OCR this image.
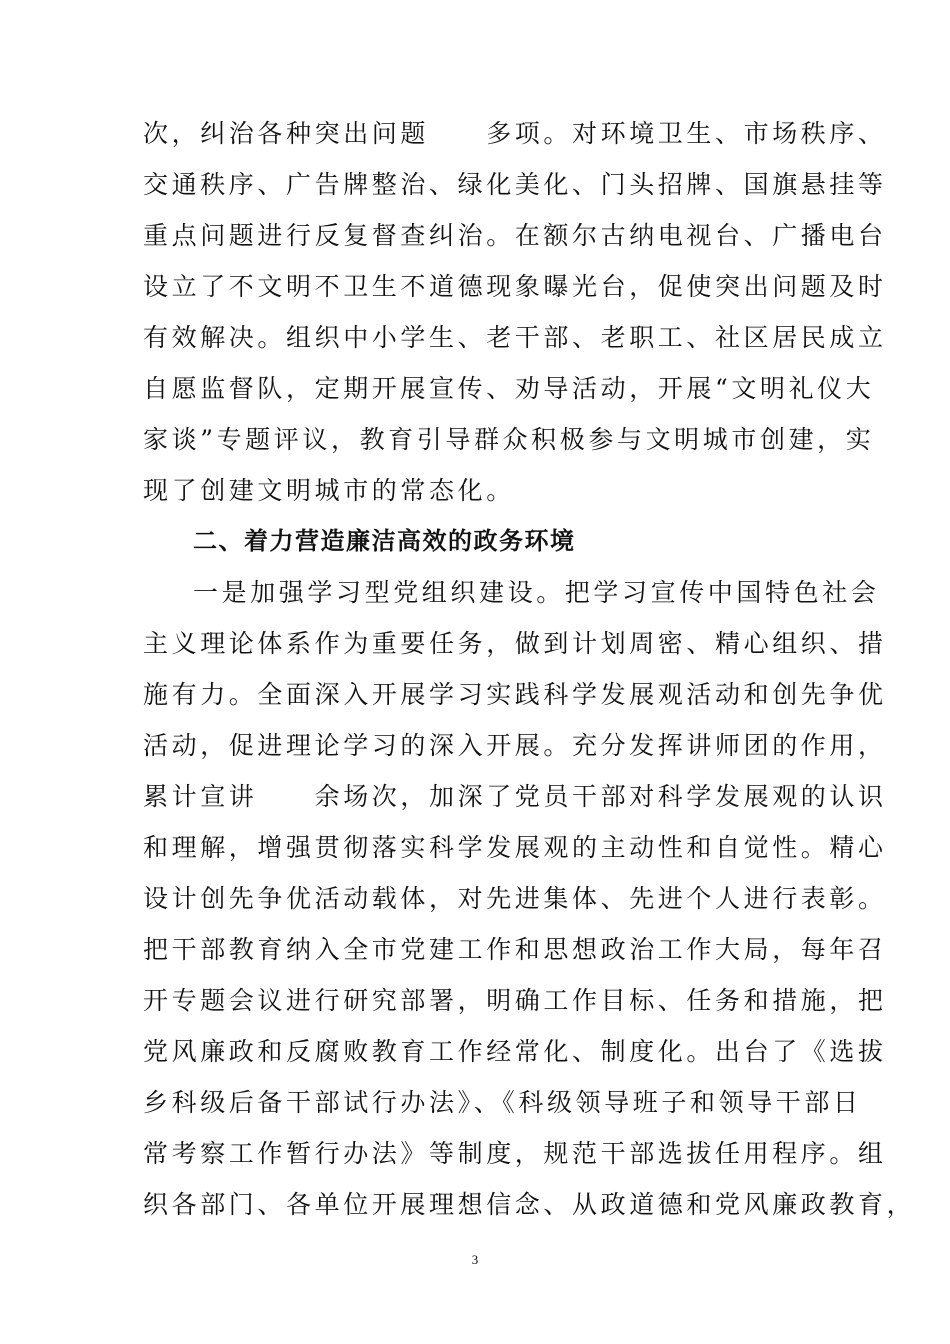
次，纠治各种突出问题　　多项。对环境卫生、市场秩序、
交通秩序、广告牌整治、绿化美化、门头招牌、国旗悬挂等
重点问题进行反复督查纠治。在额尔古纳电视台、广播电台
设立了不文明不卫生不道德现象曝光台，促使突出问题及时
有效解决。组织中小学生、老干部、老职工、社区居民成立
自愿监督队，定期开展宣传、劝导活动，开展“文明礼仪大
家谈”专题评议，教育引导群众积极参与文明城市创建，实
现了创建文明城市的常态化。
二、着力营造廉洁高效的政务环境
一是加强学习型党组织建设。把学习宣传中国特色社会
主义理论体系作为重要任务，做到计划周密、精心组织、措
施有力。全面深入开展学习实践科学发展观活动和创先争优
活动，促进理论学习的深入开展。充分发挥讲师团的作用，
累计宣讲　　余场次，加深了党员干部对科学发展观的认识
和理解，增强贯彻落实科学发展观的主动性和自觉性。精心
设计创先争优活动载体，对先进集体、先进个人进行表彰。
把干部教育纳入全市党建工作和思想政治工作大局，每年召
开专题会议进行研究部署，明确工作目标、任务和措施，把
党风廉政和反腐败教育工作经常化、制度化。出台了《选拔
乡科级后备干部试行办法》、《科级领导班子和领导干部日
常考察工作暂行办法》等制度，规范干部选拔任用程序。组
织各部门、各单位开展理想信念、从政道德和党风廉政教育，
3
